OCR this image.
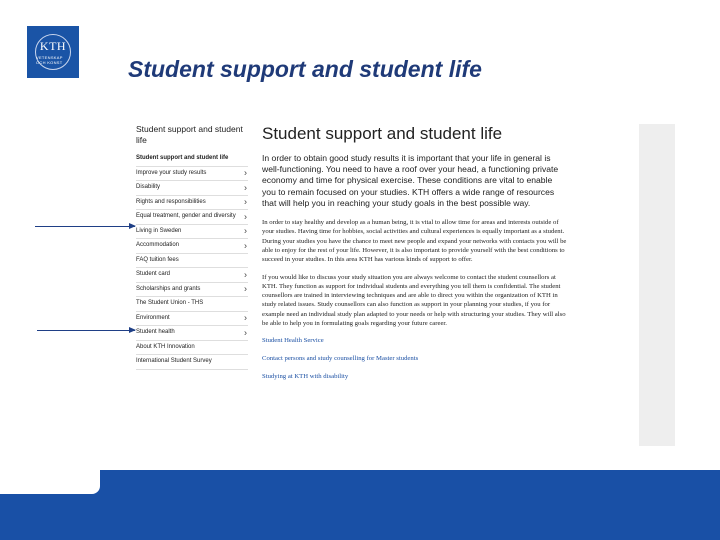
KTH
VETENSKAP OCH KONST	Student support and student life
Student support and student life
Student support and student life
Improve your study results	›
Disability	›
Rights and responsibilities	›
Equal treatment, gender and diversity ›
Living in Sweden	›
Accommodation	›
FAQ tuition fees
Student card	›
Scholarships and grants	›
The Student Union - THS
Environment	›
Student health	›
About KTH Innovation
International Student Survey
Student support and student life

In order to obtain good study results it is important that your life in general is well-functioning. You need to have a roof over your head, a functioning private economy and time for physical exercise. These conditions are vital to enable you to remain focused on your studies. KTH offers a wide range of resources that will help you in reaching your study goals in the best possible way.

In order to stay healthy and develop as a human being, it is vital to allow time for areas and interests outside of your studies. Having time for hobbies, social activities and cultural experiences is equally important as a student. During your studies you have the chance to meet new people and expand your networks with contacts you will be able to enjoy for the rest of your life. However, it is also important to provide yourself with the best conditions to succeed in your studies. In this area KTH has various kinds of support to offer.

If you would like to discuss your study situation you are always welcome to contact the student counsellors at KTH. They function as support for individual students and everything you tell them is confidential. The student counsellors are trained in interviewing techniques and are able to direct you within the organization of KTH in study related issues. Study counsellors can also function as support in your planning your studies, if you for example need an individual study plan adapted to your needs or help with structuring your studies. They will also be able to help you in formulating goals regarding your future career.

Student Health Service
Contact persons and study counselling for Master students
Studying at KTH with disability
